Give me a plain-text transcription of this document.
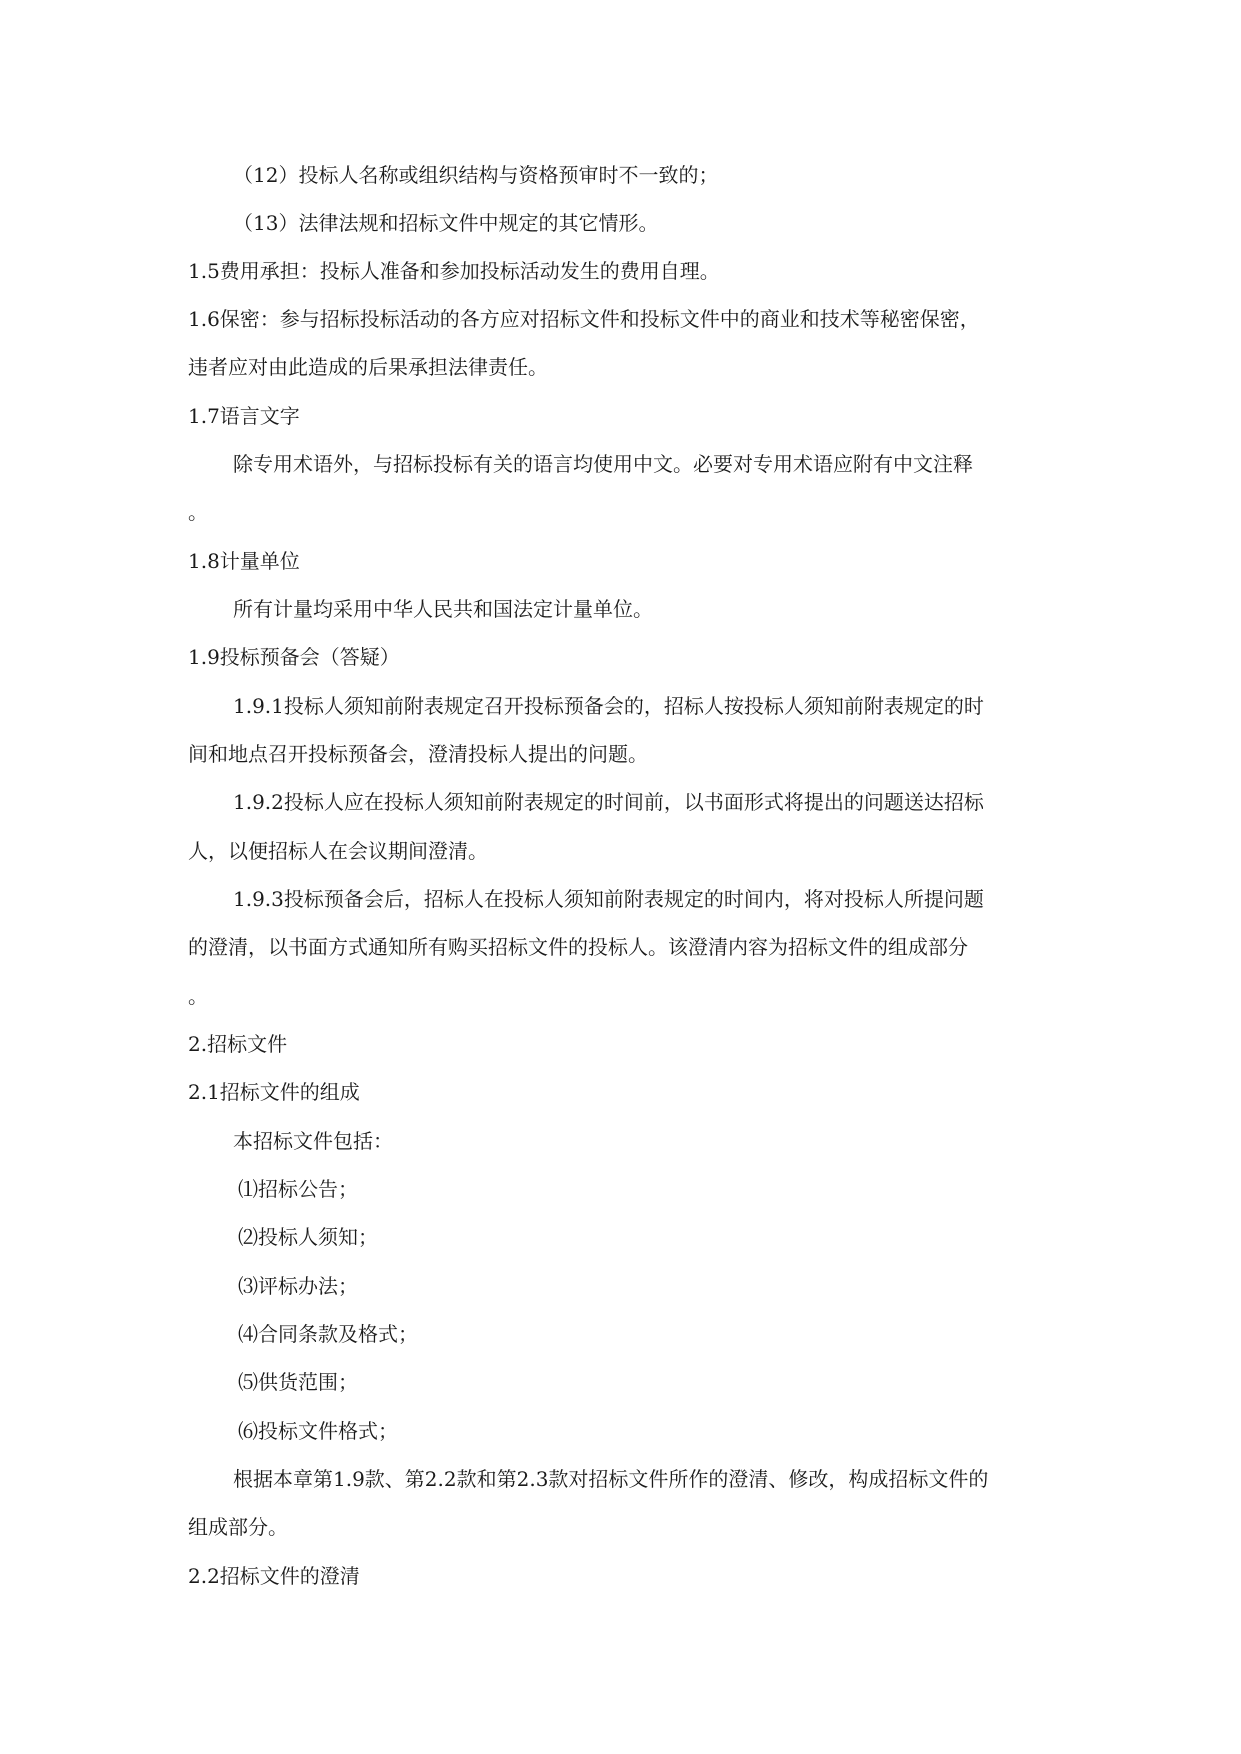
（12）投标人名称或组织结构与资格预审时不一致的；
（13）法律法规和招标文件中规定的其它情形。
1.5费用承担：投标人准备和参加投标活动发生的费用自理。
1.6保密：参与招标投标活动的各方应对招标文件和投标文件中的商业和技术等秘密保密，
违者应对由此造成的后果承担法律责任。
1.7语言文字
除专用术语外，与招标投标有关的语言均使用中文。必要对专用术语应附有中文注释
。
1.8计量单位
所有计量均采用中华人民共和国法定计量单位。
1.9投标预备会（答疑）
1.9.1投标人须知前附表规定召开投标预备会的，招标人按投标人须知前附表规定的时
间和地点召开投标预备会，澄清投标人提出的问题。
1.9.2投标人应在投标人须知前附表规定的时间前，以书面形式将提出的问题送达招标
人，以便招标人在会议期间澄清。
1.9.3投标预备会后，招标人在投标人须知前附表规定的时间内，将对投标人所提问题
的澄清，以书面方式通知所有购买招标文件的投标人。该澄清内容为招标文件的组成部分
。
2.招标文件
2.1招标文件的组成
本招标文件包括：
⑴招标公告；
⑵投标人须知；
⑶评标办法；
⑷合同条款及格式；
⑸供货范围；
⑹投标文件格式；
根据本章第1.9款、第2.2款和第2.3款对招标文件所作的澄清、修改，构成招标文件的
组成部分。
2.2招标文件的澄清
